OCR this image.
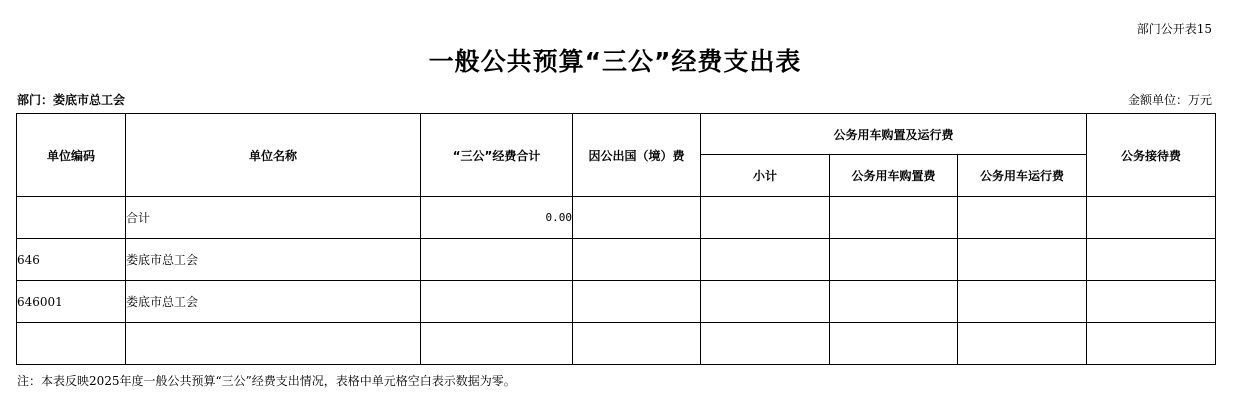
部门公开表15
一般公共预算“三公”经费支出表
部门：娄底市总工会	金额单位：万元
单位编码	单位名称	“三公”经费合计	因公出国（境）费	公务用车购置及运行费			公务接待费
				小计	公务用车购置费	公务用车运行费	
	合计	0.00					
646	娄底市总工会						
646001	娄底市总工会						

注：本表反映2025年度一般公共预算“三公”经费支出情况，表格中单元格空白表示数据为零。
